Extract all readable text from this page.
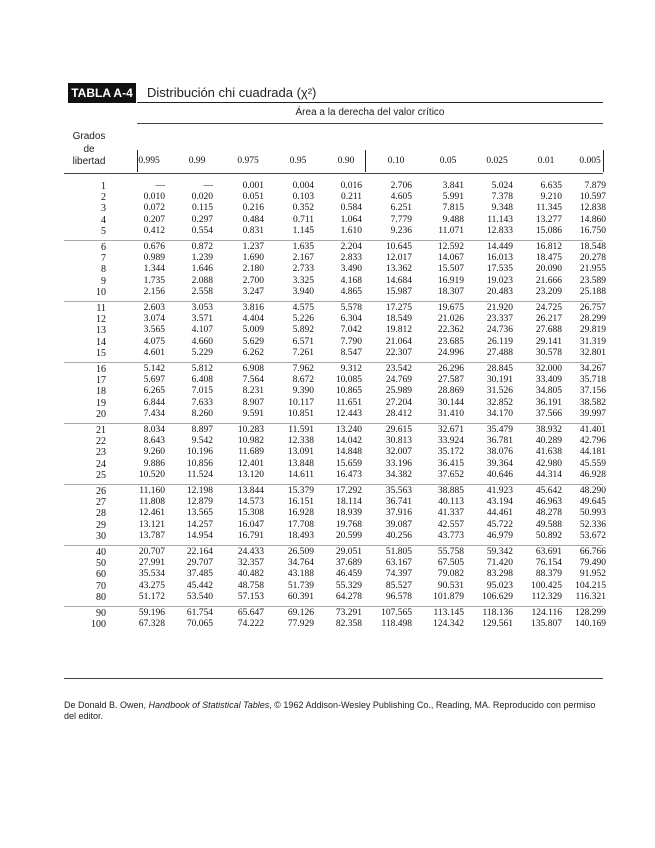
TABLA A-4 Distribución chi cuadrada (χ²)
Área a la derecha del valor crítico
Grados
de
libertad	0.995	0.99	0.975	0.95	0.90	0.10	0.05	0.025	0.01	0.005
1	—	—	0.001	0.004	0.016	2.706	3.841	5.024	6.635	7.879
2	0.010	0.020	0.051	0.103	0.211	4.605	5.991	7.378	9.210	10.597
3	0.072	0.115	0.216	0.352	0.584	6.251	7.815	9.348	11.345	12.838
4	0.207	0.297	0.484	0.711	1.064	7.779	9.488	11.143	13.277	14.860
5	0.412	0.554	0.831	1.145	1.610	9.236	11.071	12.833	15.086	16.750
6	0.676	0.872	1.237	1.635	2.204	10.645	12.592	14.449	16.812	18.548
7	0.989	1.239	1.690	2.167	2.833	12.017	14.067	16.013	18.475	20.278
8	1.344	1.646	2.180	2.733	3.490	13.362	15.507	17.535	20.090	21.955
9	1.735	2.088	2.700	3.325	4.168	14.684	16.919	19.023	21.666	23.589
10	2.156	2.558	3.247	3.940	4.865	15.987	18.307	20.483	23.209	25.188
11	2.603	3.053	3.816	4.575	5.578	17.275	19.675	21.920	24.725	26.757
12	3.074	3.571	4.404	5.226	6.304	18.549	21.026	23.337	26.217	28.299
13	3.565	4.107	5.009	5.892	7.042	19.812	22.362	24.736	27.688	29.819
14	4.075	4.660	5.629	6.571	7.790	21.064	23.685	26.119	29.141	31.319
15	4.601	5.229	6.262	7.261	8.547	22.307	24.996	27.488	30.578	32.801
16	5.142	5.812	6.908	7.962	9.312	23.542	26.296	28.845	32.000	34.267
17	5.697	6.408	7.564	8.672	10.085	24.769	27.587	30.191	33.409	35.718
18	6.265	7.015	8.231	9.390	10.865	25.989	28.869	31.526	34.805	37.156
19	6.844	7.633	8.907	10.117	11.651	27.204	30.144	32.852	36.191	38.582
20	7.434	8.260	9.591	10.851	12.443	28.412	31.410	34.170	37.566	39.997
21	8.034	8.897	10.283	11.591	13.240	29.615	32.671	35.479	38.932	41.401
22	8.643	9.542	10.982	12.338	14.042	30.813	33.924	36.781	40.289	42.796
23	9.260	10.196	11.689	13.091	14.848	32.007	35.172	38.076	41.638	44.181
24	9.886	10.856	12.401	13.848	15.659	33.196	36.415	39.364	42.980	45.559
25	10.520	11.524	13.120	14.611	16.473	34.382	37.652	40.646	44.314	46.928
26	11.160	12.198	13.844	15.379	17.292	35.563	38.885	41.923	45.642	48.290
27	11.808	12.879	14.573	16.151	18.114	36.741	40.113	43.194	46.963	49.645
28	12.461	13.565	15.308	16.928	18.939	37.916	41.337	44.461	48.278	50.993
29	13.121	14.257	16.047	17.708	19.768	39.087	42.557	45.722	49.588	52.336
30	13.787	14.954	16.791	18.493	20.599	40.256	43.773	46.979	50.892	53.672
40	20.707	22.164	24.433	26.509	29.051	51.805	55.758	59.342	63.691	66.766
50	27.991	29.707	32.357	34.764	37.689	63.167	67.505	71.420	76.154	79.490
60	35.534	37.485	40.482	43.188	46.459	74.397	79.082	83.298	88.379	91.952
70	43.275	45.442	48.758	51.739	55.329	85.527	90.531	95.023	100.425	104.215
80	51.172	53.540	57.153	60.391	64.278	96.578	101.879	106.629	112.329	116.321
90	59.196	61.754	65.647	69.126	73.291	107.565	113.145	118.136	124.116	128.299
100	67.328	70.065	74.222	77.929	82.358	118.498	124.342	129.561	135.807	140.169
De Donald B. Owen, Handbook of Statistical Tables, © 1962 Addison-Wesley Publishing Co., Reading, MA. Reproducido con permiso del editor.
